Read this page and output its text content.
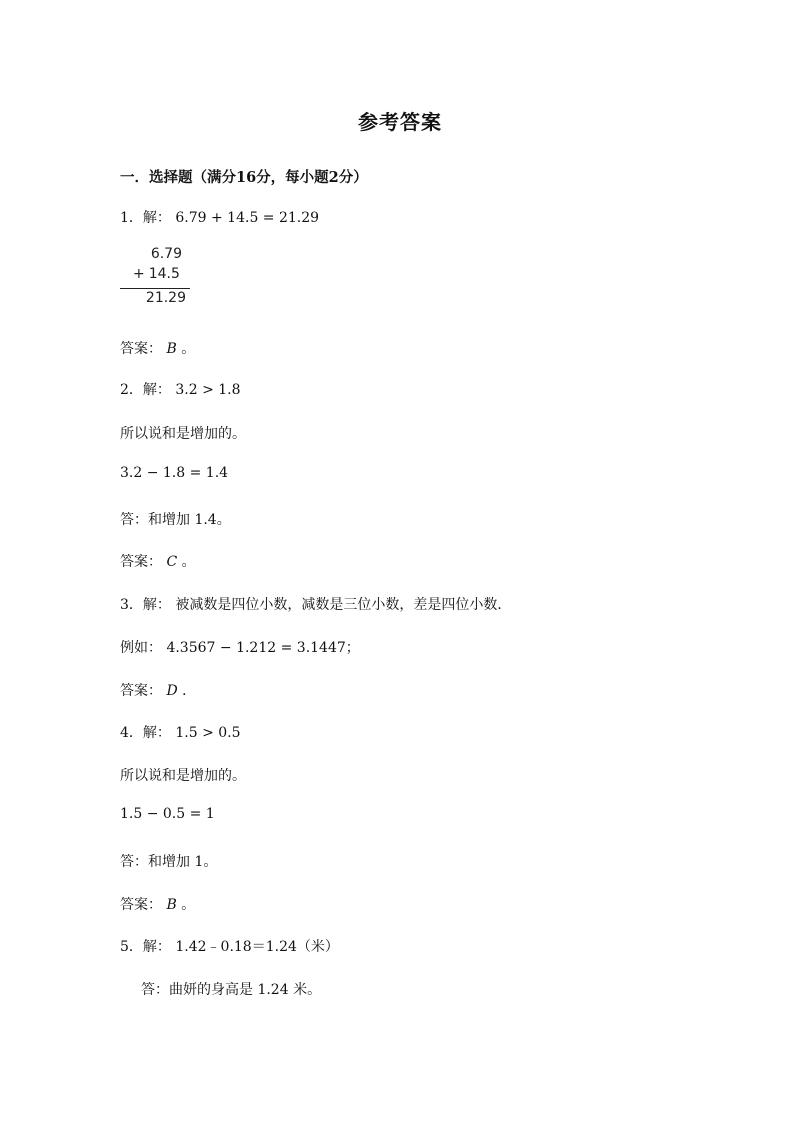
参考答案
一．选择题（满分16分，每小题2分）
1．解： 6.79 + 14.5 = 21.29
6.79
+ 14.5
21.29
答案： B 。
2．解： 3.2 > 1.8
所以说和是增加的。
3.2 − 1.8 = 1.4
答：和增加 1.4。
答案： C 。
3．解： 被减数是四位小数，减数是三位小数，差是四位小数．
例如： 4.3567 − 1.212 = 3.1447；
答案： D ．
4．解： 1.5 > 0.5
所以说和是增加的。
1.5 − 0.5 = 1
答：和增加 1。
答案： B 。
5．解： 1.42﹣0.18＝1.24（米）
答：曲妍的身高是 1.24 米。
